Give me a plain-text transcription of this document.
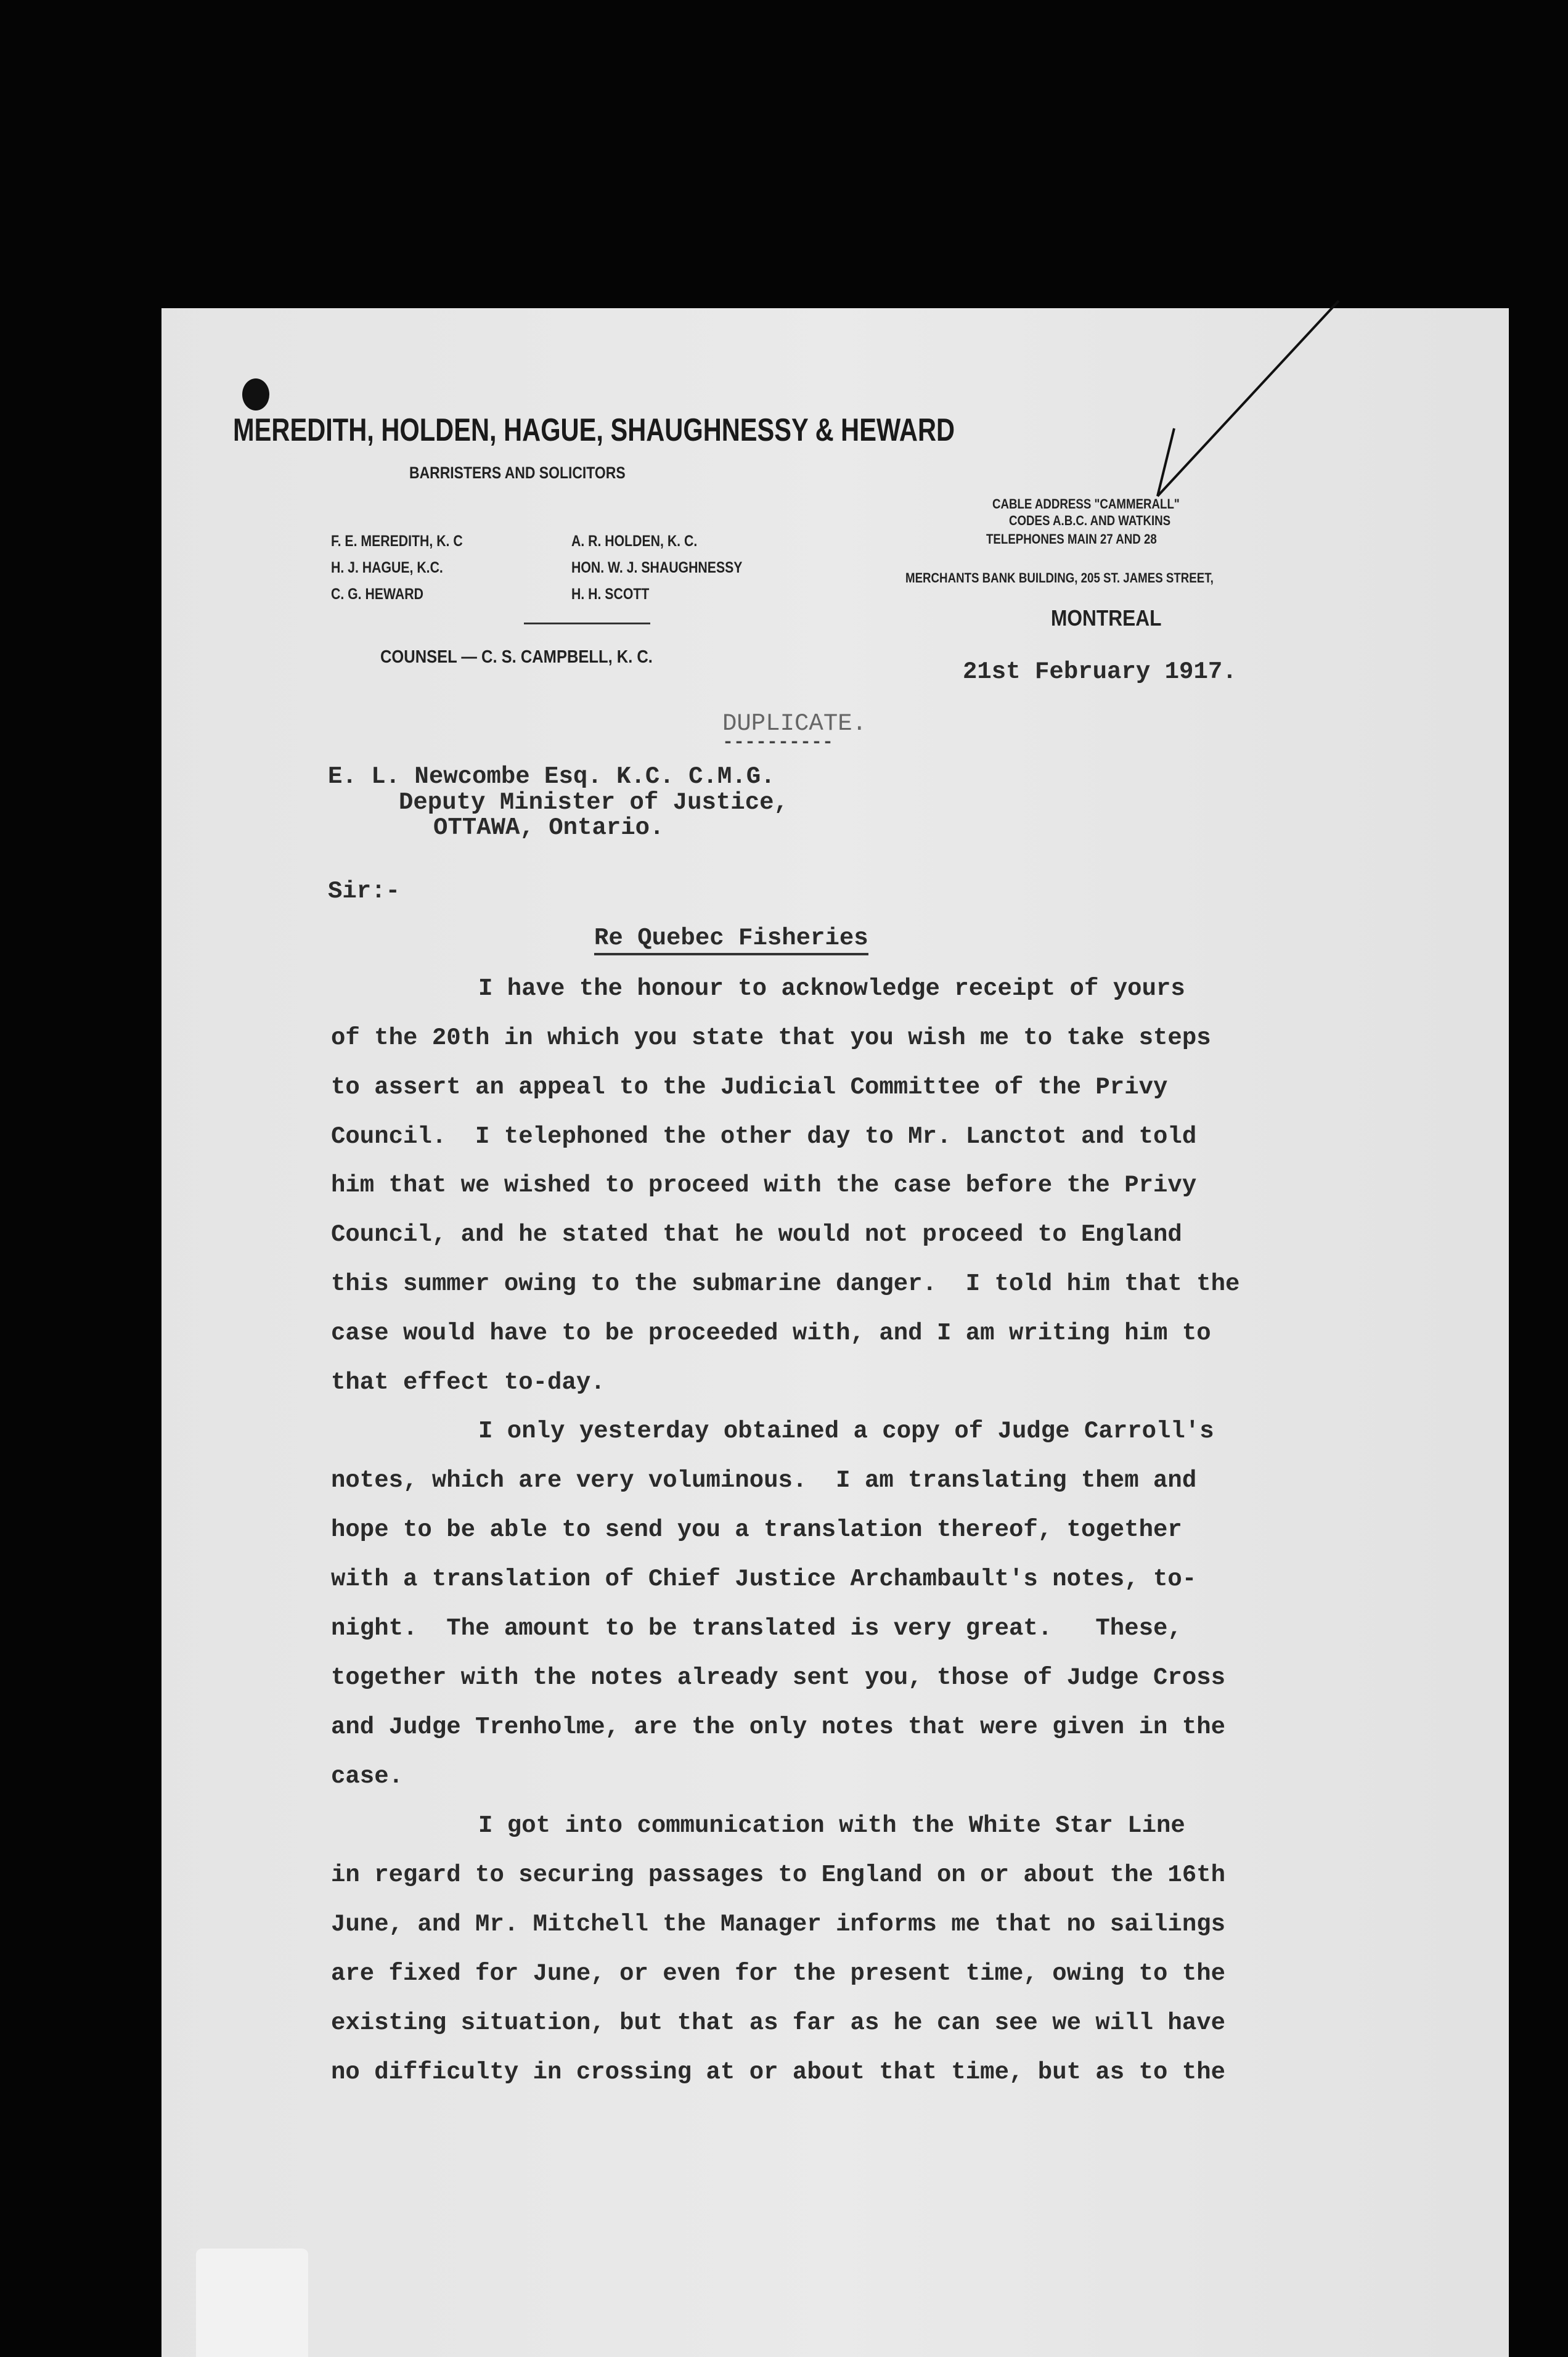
MEREDITH, HOLDEN, HAGUE, SHAUGHNESSY & HEWARD
BARRISTERS AND SOLICITORS
F. E. MEREDITH, K. C
H. J. HAGUE, K.C.
C. G. HEWARD
A. R. HOLDEN, K. C.
HON. W. J. SHAUGHNESSY
H. H. SCOTT
COUNSEL — C. S. CAMPBELL, K. C.
CABLE ADDRESS "CAMMERALL"
CODES A.B.C. AND WATKINS
TELEPHONES MAIN 27 AND 28
MERCHANTS BANK BUILDING, 205 ST. JAMES STREET,
MONTREAL
21st February 1917.
DUPLICATE.
----------
E. L. Newcombe Esq. K.C. C.M.G.
Deputy Minister of Justice,
OTTAWA, Ontario.
Sir:-
Re Quebec Fisheries
I have the honour to acknowledge receipt of yours
of the 20th in which you state that you wish me to take steps
to assert an appeal to the Judicial Committee of the Privy
Council.  I telephoned the other day to Mr. Lanctot and told
him that we wished to proceed with the case before the Privy
Council, and he stated that he would not proceed to England
this summer owing to the submarine danger.  I told him that the
case would have to be proceeded with, and I am writing him to
that effect to-day.
I only yesterday obtained a copy of Judge Carroll's
notes, which are very voluminous.  I am translating them and
hope to be able to send you a translation thereof, together
with a translation of Chief Justice Archambault's notes, to-
night.  The amount to be translated is very great.   These,
together with the notes already sent you, those of Judge Cross
and Judge Trenholme, are the only notes that were given in the
case.
I got into communication with the White Star Line
in regard to securing passages to England on or about the 16th
June, and Mr. Mitchell the Manager informs me that no sailings
are fixed for June, or even for the present time, owing to the
existing situation, but that as far as he can see we will have
no difficulty in crossing at or about that time, but as to the
